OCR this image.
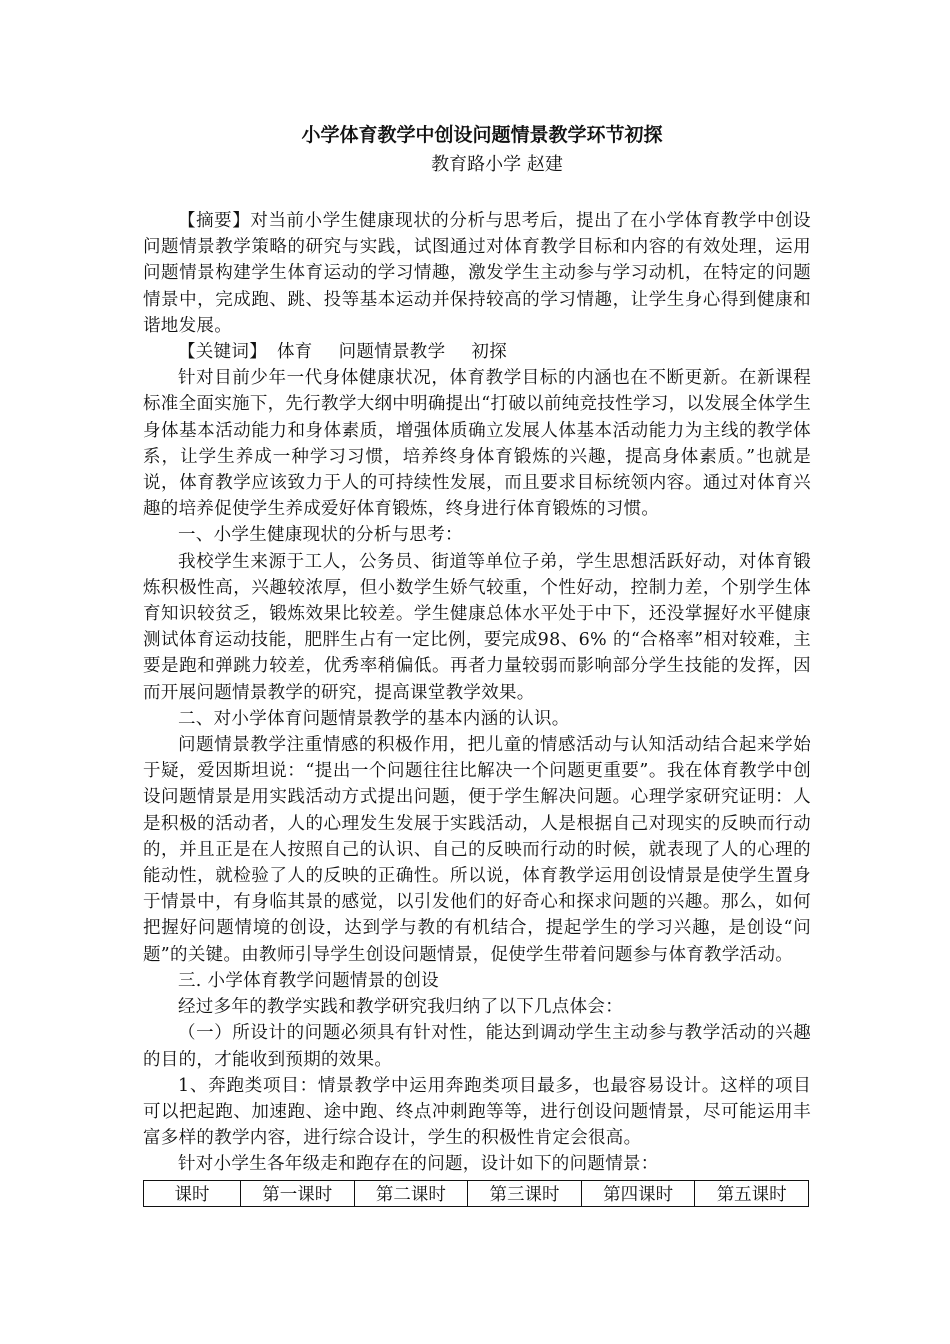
小学体育教学中创设问题情景教学环节初探
教育路小学 赵建

【摘要】对当前小学生健康现状的分析与思考后，提出了在小学体育教学中创设问题情景教学策略的研究与实践，试图通过对体育教学目标和内容的有效处理，运用问题情景构建学生体育运动的学习情趣，激发学生主动参与学习动机，在特定的问题情景中，完成跑、跳、投等基本运动并保持较高的学习情趣，让学生身心得到健康和谐地发展。

【关键词】 体育 问题情景教学 初探

针对目前少年一代身体健康状况，体育教学目标的内涵也在不断更新。在新课程标准全面实施下，先行教学大纲中明确提出“打破以前纯竞技性学习，以发展全体学生身体基本活动能力和身体素质，增强体质确立发展人体基本活动能力为主线的教学体系，让学生养成一种学习习惯，培养终身体育锻炼的兴趣，提高身体素质。”也就是说，体育教学应该致力于人的可持续性发展，而且要求目标统领内容。通过对体育兴趣的培养促使学生养成爱好体育锻炼，终身进行体育锻炼的习惯。

一、小学生健康现状的分析与思考：

我校学生来源于工人，公务员、街道等单位子弟，学生思想活跃好动，对体育锻炼积极性高，兴趣较浓厚，但小数学生娇气较重，个性好动，控制力差，个别学生体育知识较贫乏，锻炼效果比较差。学生健康总体水平处于中下，还没掌握好水平健康测试体育运动技能，肥胖生占有一定比例，要完成98、6% 的“合格率”相对较难，主要是跑和弹跳力较差，优秀率稍偏低。再者力量较弱而影响部分学生技能的发挥，因而开展问题情景教学的研究，提高课堂教学效果。

二、对小学体育问题情景教学的基本内涵的认识。

问题情景教学注重情感的积极作用，把儿童的情感活动与认知活动结合起来学始于疑，爱因斯坦说：“提出一个问题往往比解决一个问题更重要”。我在体育教学中创设问题情景是用实践活动方式提出问题，便于学生解决问题。心理学家研究证明：人是积极的活动者，人的心理发生发展于实践活动，人是根据自己对现实的反映而行动的，并且正是在人按照自己的认识、自己的反映而行动的时候，就表现了人的心理的能动性，就检验了人的反映的正确性。所以说，体育教学运用创设情景是使学生置身于情景中，有身临其景的感觉，以引发他们的好奇心和探求问题的兴趣。那么，如何把握好问题情境的创设，达到学与教的有机结合，提起学生的学习兴趣，是创设“问题”的关键。由教师引导学生创设问题情景，促使学生带着问题参与体育教学活动。

三. 小学体育教学问题情景的创设

经过多年的教学实践和教学研究我归纳了以下几点体会：

（一）所设计的问题必须具有针对性，能达到调动学生主动参与教学活动的兴趣的目的，才能收到预期的效果。

1、奔跑类项目：情景教学中运用奔跑类项目最多，也最容易设计。这样的项目可以把起跑、加速跑、途中跑、终点冲刺跑等等，进行创设问题情景，尽可能运用丰富多样的教学内容，进行综合设计，学生的积极性肯定会很高。

针对小学生各年级走和跑存在的问题，设计如下的问题情景：

课时	第一课时	第二课时	第三课时	第四课时	第五课时
